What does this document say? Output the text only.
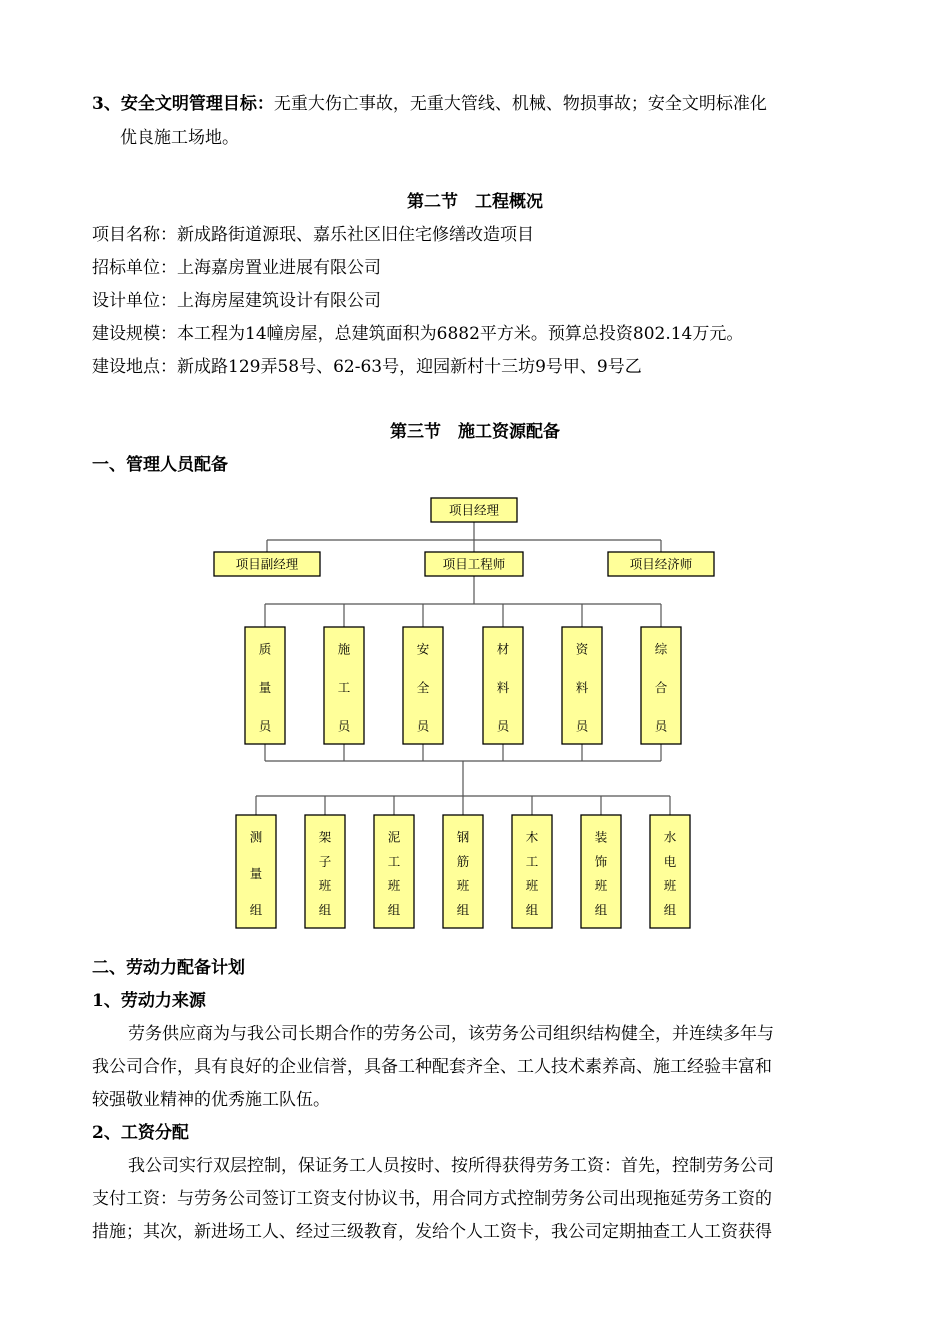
3、安全文明管理目标：无重大伤亡事故，无重大管线、机械、物损事故；安全文明标准化
优良施工场地。
第二节　工程概况
项目名称：新成路街道源珉、嘉乐社区旧住宅修缮改造项目
招标单位：上海嘉房置业进展有限公司
设计单位：上海房屋建筑设计有限公司
建设规模：本工程为14幢房屋，总建筑面积为6882平方米。预算总投资802.14万元。
建设地点：新成路129弄58号、62-63号，迎园新村十三坊9号甲、9号乙
第三节　施工资源配备
一、管理人员配备
项目经理
项目副经理	项目工程师	项目经济师
质量员
施工员
安全员
材料员
资料员
综合员
测量组
架子班组
泥工班组
钢筋班组
木工班组
装饰班组
水电班组
二、劳动力配备计划
1、劳动力来源
劳务供应商为与我公司长期合作的劳务公司，该劳务公司组织结构健全，并连续多年与
我公司合作，具有良好的企业信誉，具备工种配套齐全、工人技术素养高、施工经验丰富和
较强敬业精神的优秀施工队伍。
2、工资分配
我公司实行双层控制，保证务工人员按时、按所得获得劳务工资：首先，控制劳务公司
支付工资：与劳务公司签订工资支付协议书，用合同方式控制劳务公司出现拖延劳务工资的
措施；其次，新进场工人、经过三级教育，发给个人工资卡，我公司定期抽查工人工资获得
